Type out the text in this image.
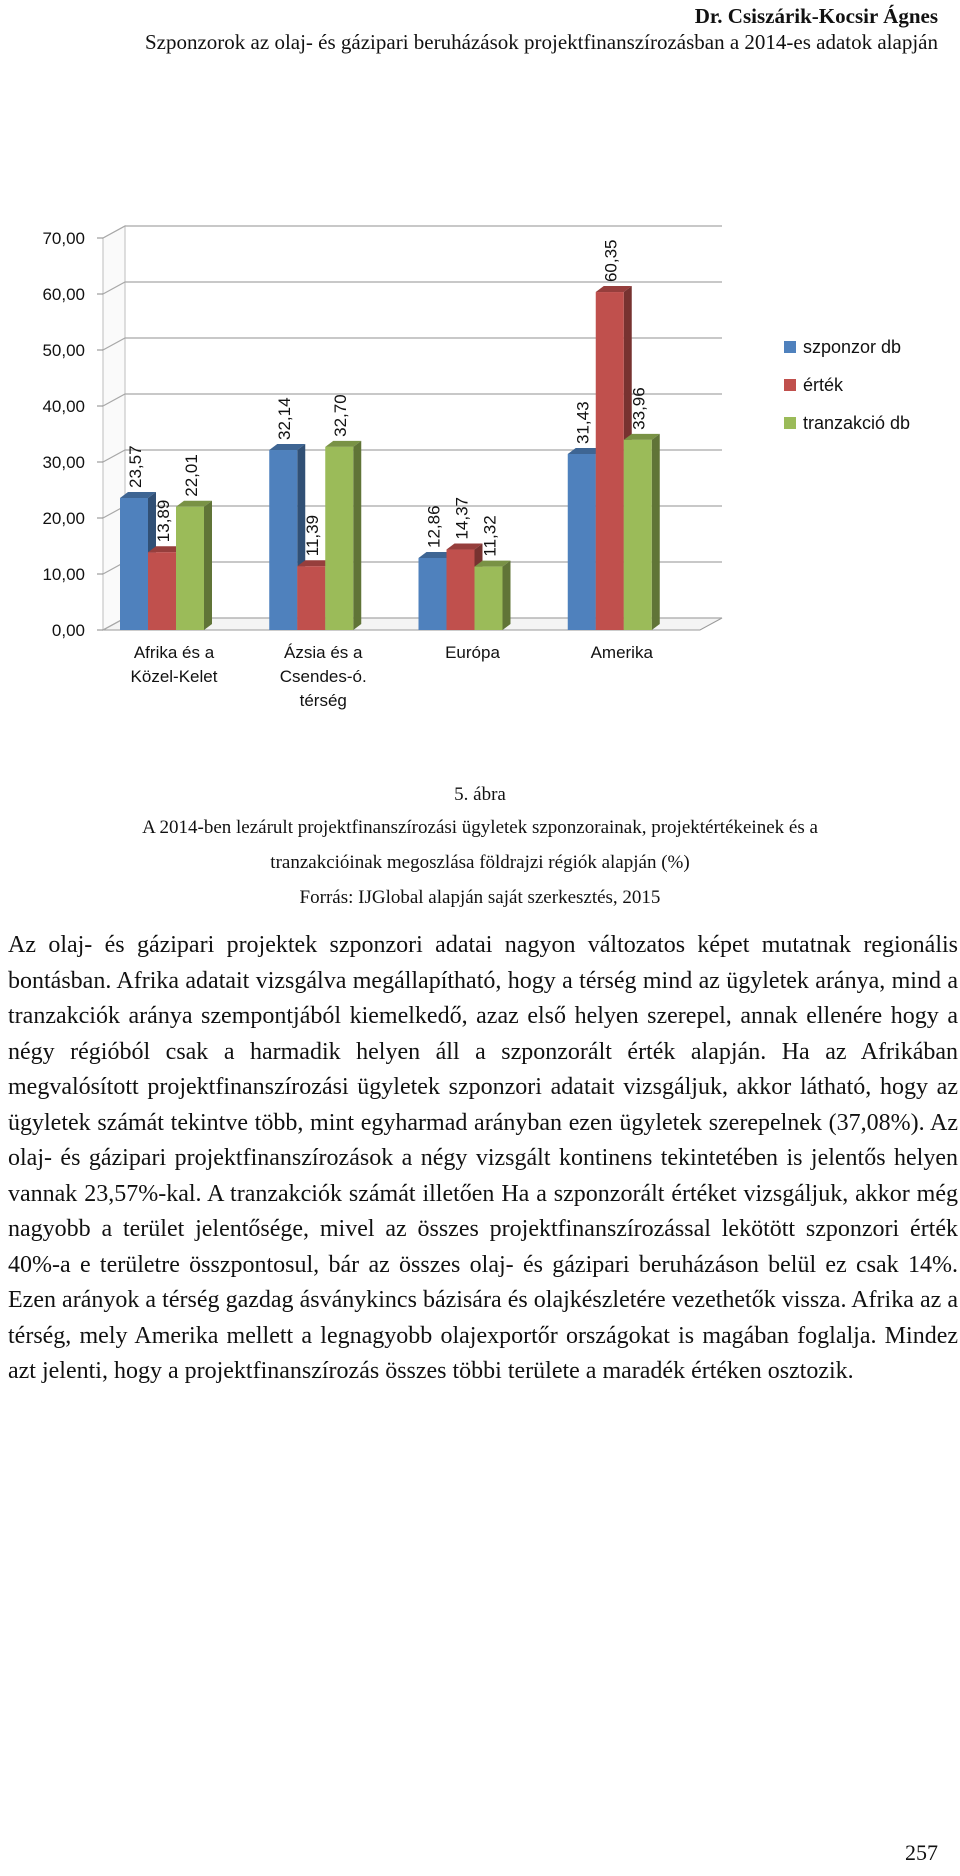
Dr. Csiszárik-Kocsir Ágnes
Szponzorok az olaj- és gázipari beruházások projektfinanszírozásban a 2014-es adatok alapján
0,00
10,00
20,00
30,00
40,00
50,00
60,00
70,00
Afrika és a
Közel-Kelet
Ázsia és a
Csendes-ó.
térség
Európa	Amerika
23,57
13,89
22,01
32,14
11,39
32,70
12,86 14,37 11,32
31,43
60,35
33,96
szponzor db
érték
tranzakció db
5. ábra
A 2014-ben lezárult projektfinanszírozási ügyletek szponzorainak, projektértékeinek és a
tranzakcióinak megoszlása földrajzi régiók alapján (%)
Forrás: IJGlobal alapján saját szerkesztés, 2015
Az olaj- és gázipari projektek szponzori adatai nagyon változatos képet mutatnak regionális bontásban. Afrika adatait vizsgálva megállapítható, hogy a térség mind az ügyletek aránya, mind a tranzakciók aránya szempontjából kiemelkedő, azaz első helyen szerepel, annak ellenére hogy a négy régióból csak a harmadik helyen áll a szponzorált érték alapján. Ha az Afrikában megvalósított projektfinanszírozási ügyletek szponzori adatait vizsgáljuk, akkor látható, hogy az ügyletek számát tekintve több, mint egyharmad arányban ezen ügyletek szerepelnek (37,08%). Az olaj- és gázipari projektfinanszírozások a négy vizsgált kontinens tekintetében is jelentős helyen vannak 23,57%-kal. A tranzakciók számát illetően Ha a szponzorált értéket vizsgáljuk, akkor még nagyobb a terület jelentősége, mivel az összes projektfinanszírozással lekötött szponzori érték 40%-a e területre összpontosul, bár az összes olaj- és gázipari beruházáson belül ez csak 14%. Ezen arányok a térség gazdag ásványkincs bázisára és olajkészletére vezethetők vissza. Afrika az a térség, mely Amerika mellett a legnagyobb olajexportőr országokat is magában foglalja. Mindez azt jelenti, hogy a projektfinanszírozás összes többi területe a maradék értéken osztozik.
257
